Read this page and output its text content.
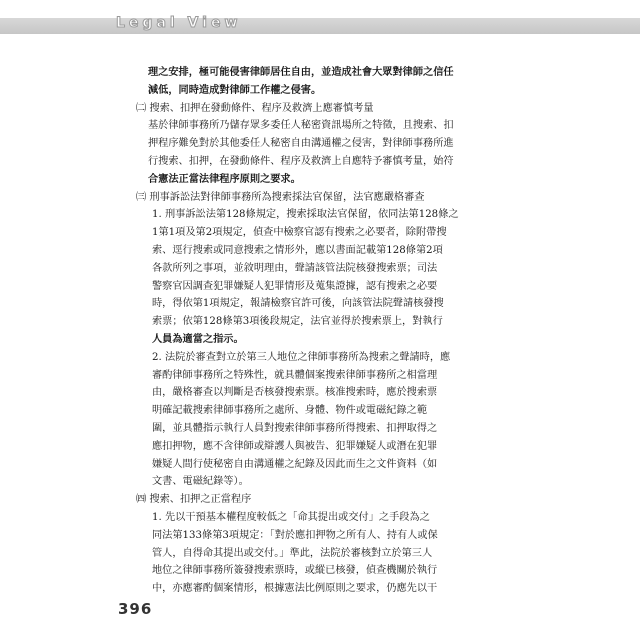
Legal View
理之安排，極可能侵害律師居住自由，並造成社會大眾對律師之信任
減低，同時造成對律師工作權之侵害。
㈡ 搜索、扣押在發動條件、程序及救濟上應審慎考量
基於律師事務所乃儲存眾多委任人秘密資訊場所之特徵，且搜索、扣
押程序難免對於其他委任人秘密自由溝通權之侵害，對律師事務所進
行搜索、扣押，在發動條件、程序及救濟上自應特予審慎考量，始符
合憲法正當法律程序原則之要求。
㈢ 刑事訴訟法對律師事務所為搜索採法官保留，法官應嚴格審查
1. 刑事訴訟法第128條規定，搜索採取法官保留，依同法第128條之
1第1項及第2項規定，偵查中檢察官認有搜索之必要者，除附帶搜
索、逕行搜索或同意搜索之情形外，應以書面記載第128條第2項
各款所列之事項，並敘明理由，聲請該管法院核發搜索票；司法
警察官因調查犯罪嫌疑人犯罪情形及蒐集證據，認有搜索之必要
時，得依第1項規定，報請檢察官許可後，向該管法院聲請核發搜
索票；依第128條第3項後段規定，法官並得於搜索票上，對執行
人員為適當之指示。
2. 法院於審查對立於第三人地位之律師事務所為搜索之聲請時，應
審酌律師事務所之特殊性，就具體個案搜索律師事務所之相當理
由，嚴格審查以判斷是否核發搜索票。核准搜索時，應於搜索票
明確記載搜索律師事務所之處所、身體、物件或電磁紀錄之範
圍，並具體指示執行人員對搜索律師事務所得搜索、扣押取得之
應扣押物，應不含律師或辯護人與被告、犯罪嫌疑人或潛在犯罪
嫌疑人間行使秘密自由溝通權之紀錄及因此而生之文件資料（如
文書、電磁紀錄等）。
㈣ 搜索、扣押之正當程序
1. 先以干預基本權程度較低之「命其提出或交付」之手段為之
同法第133條第3項規定：「對於應扣押物之所有人、持有人或保
管人，自得命其提出或交付。」準此，法院於審核對立於第三人
地位之律師事務所簽發搜索票時，或縱已核發，偵查機關於執行
中，亦應審酌個案情形，根據憲法比例原則之要求，仍應先以干
396
